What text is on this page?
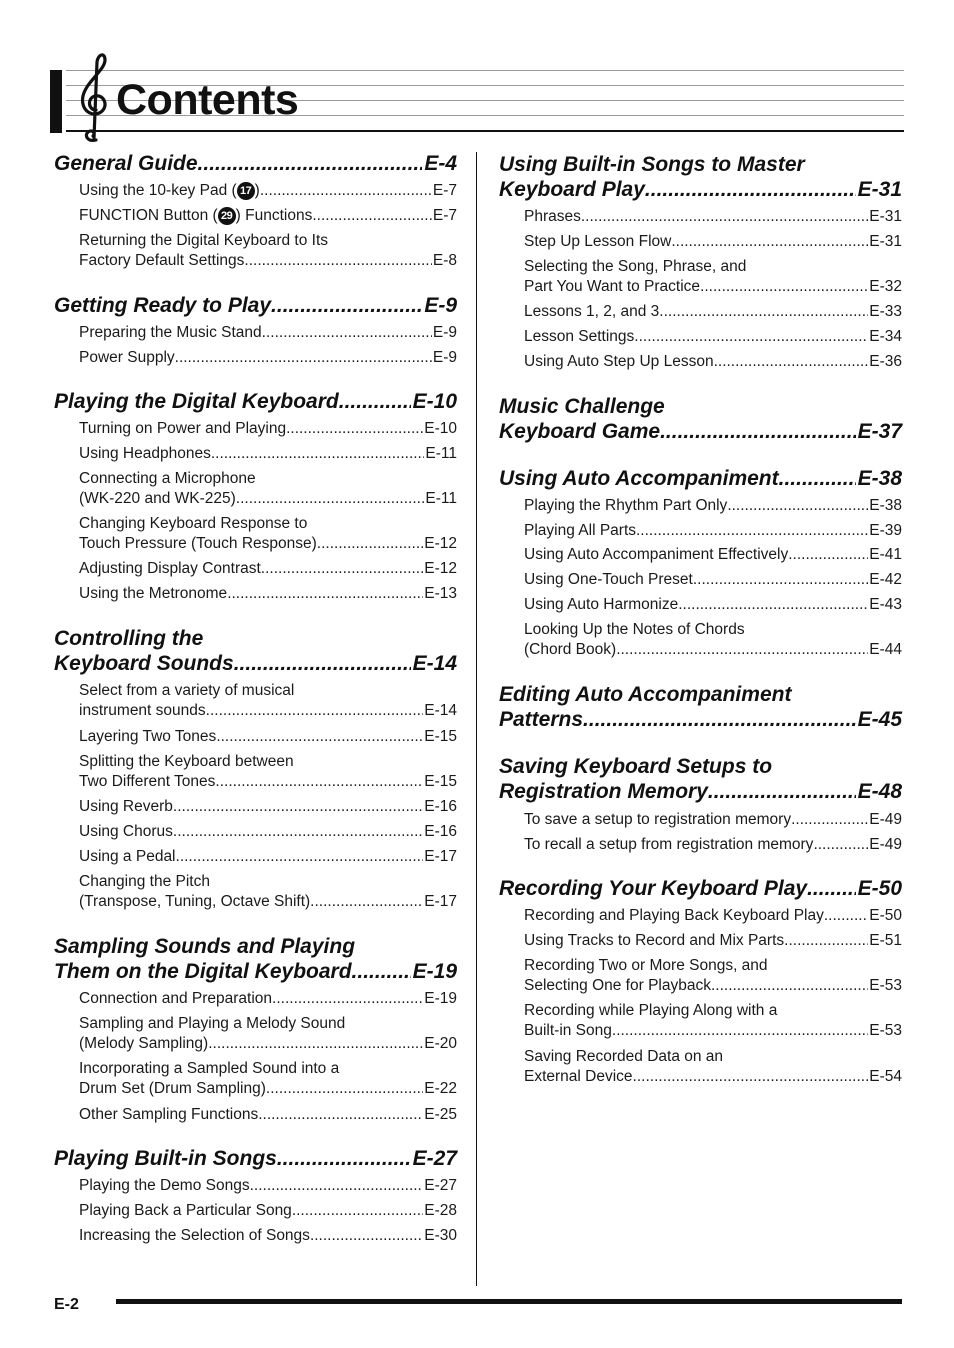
Contents
General Guide .....	E-4
Using the 10-key Pad ( 17 ) .....	E-7
FUNCTION Button ( 29 ) Functions .....	E-7
Returning the Digital Keyboard to Its
Factory Default Settings .....	E-8
Getting Ready to Play .....	E-9
Preparing the Music Stand .....	E-9
Power Supply .....	E-9
Playing the Digital Keyboard .....	E-10
Turning on Power and Playing .....	E-10
Using Headphones .....	E-11
Connecting a Microphone
(WK-220 and WK-225) .....	E-11
Changing Keyboard Response to
Touch Pressure (Touch Response) .....	E-12
Adjusting Display Contrast .....	E-12
Using the Metronome .....	E-13
Controlling the
Keyboard Sounds .....	E-14
Select from a variety of musical
instrument sounds .....	E-14
Layering Two Tones .....	E-15
Splitting the Keyboard between
Two Different Tones .....	E-15
Using Reverb .....	E-16
Using Chorus .....	E-16
Using a Pedal .....	E-17
Changing the Pitch
(Transpose, Tuning, Octave Shift) .....	E-17
Sampling Sounds and Playing
Them on the Digital Keyboard .....	E-19
Connection and Preparation .....	E-19
Sampling and Playing a Melody Sound
(Melody Sampling) .....	E-20
Incorporating a Sampled Sound into a
Drum Set (Drum Sampling) .....	E-22
Other Sampling Functions .....	E-25
Playing Built-in Songs .....	E-27
Playing the Demo Songs .....	E-27
Playing Back a Particular Song .....	E-28
Increasing the Selection of Songs .....	E-30
Using Built-in Songs to Master
Keyboard Play .....	E-31
Phrases .....	E-31
Step Up Lesson Flow .....	E-31
Selecting the Song, Phrase, and
Part You Want to Practice .....	E-32
Lessons 1, 2, and 3 .....	E-33
Lesson Settings .....	E-34
Using Auto Step Up Lesson .....	E-36
Music Challenge
Keyboard Game .....	E-37
Using Auto Accompaniment .....	E-38
Playing the Rhythm Part Only .....	E-38
Playing All Parts .....	E-39
Using Auto Accompaniment Effectively .....	E-41
Using One-Touch Preset .....	E-42
Using Auto Harmonize .....	E-43
Looking Up the Notes of Chords
(Chord Book) .....	E-44
Editing Auto Accompaniment
Patterns .....	E-45
Saving Keyboard Setups to
Registration Memory .....	E-48
To save a setup to registration memory .....	E-49
To recall a setup from registration memory .....	E-49
Recording Your Keyboard Play ..... E-50
Recording and Playing Back Keyboard Play .....	E-50
Using Tracks to Record and Mix Parts .....	E-51
Recording Two or More Songs, and
Selecting One for Playback .....	E-53
Recording while Playing Along with a
Built-in Song .....	E-53
Saving Recorded Data on an
External Device .....	E-54
E-2
